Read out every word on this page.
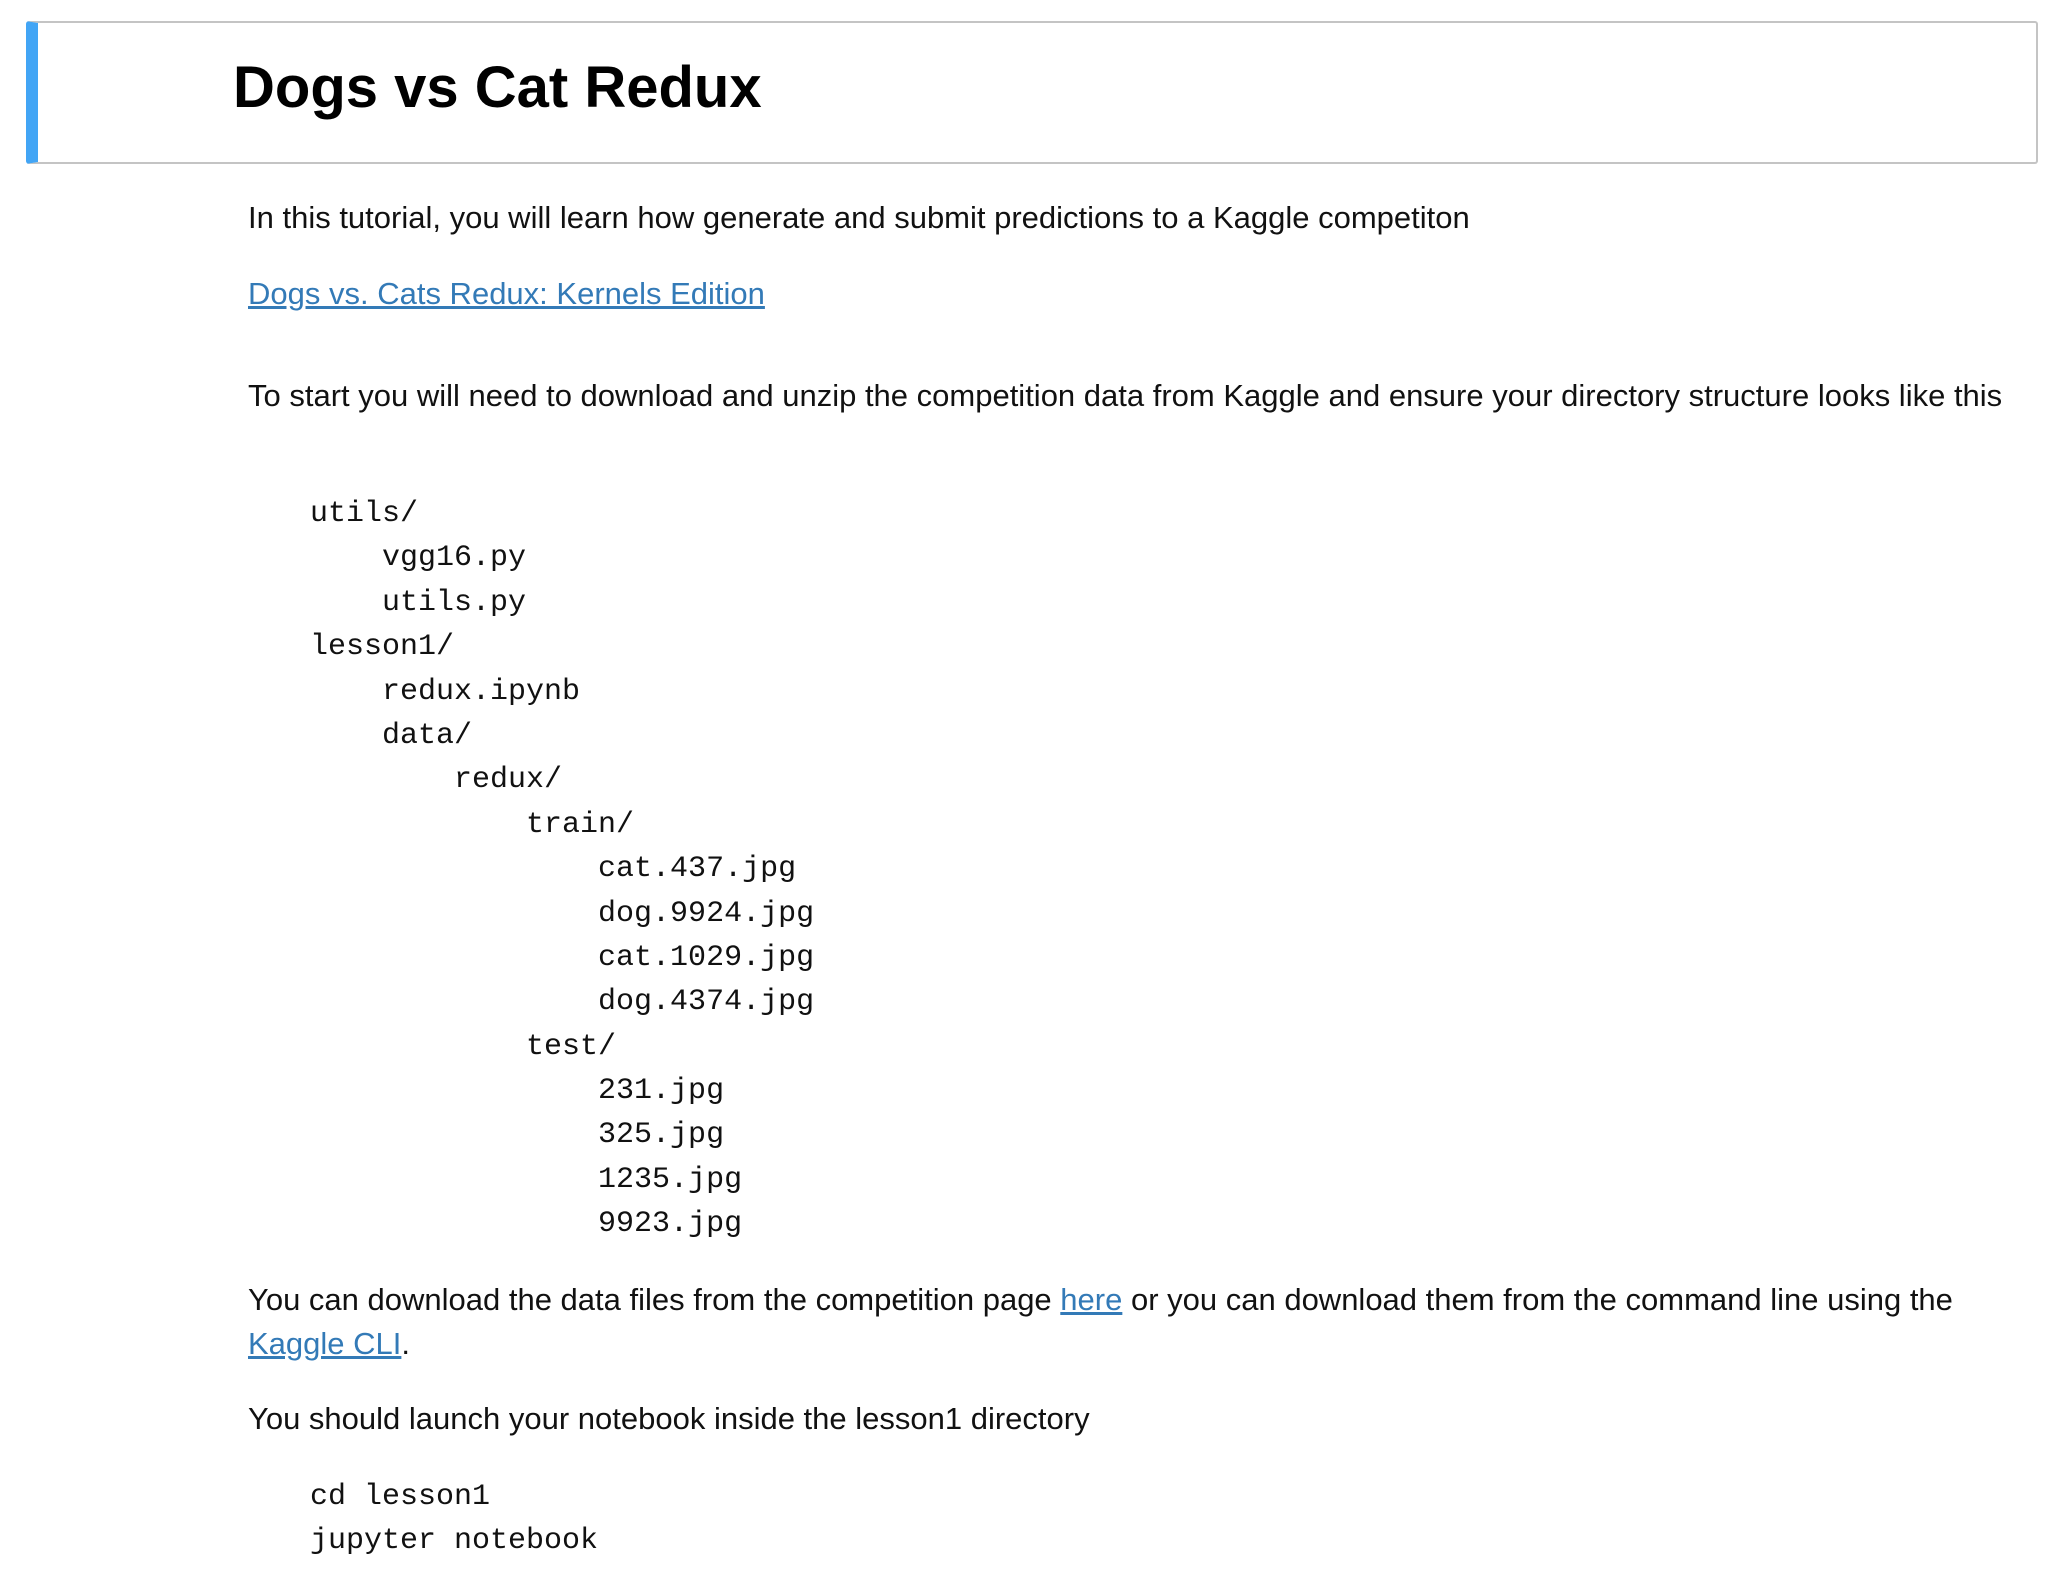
Dogs vs Cat Redux

In this tutorial, you will learn how generate and submit predictions to a Kaggle competiton

Dogs vs. Cats Redux: Kernels Edition

To start you will need to download and unzip the competition data from Kaggle and ensure your directory structure looks like this

utils/
vgg16.py
utils.py
lesson1/
redux.ipynb
data/
redux/
train/
cat.437.jpg
dog.9924.jpg
cat.1029.jpg
dog.4374.jpg
test/
231.jpg
325.jpg
1235.jpg
9923.jpg

You can download the data files from the competition page here or you can download them from the command line using the Kaggle CLI.

You should launch your notebook inside the lesson1 directory

cd lesson1
jupyter notebook
